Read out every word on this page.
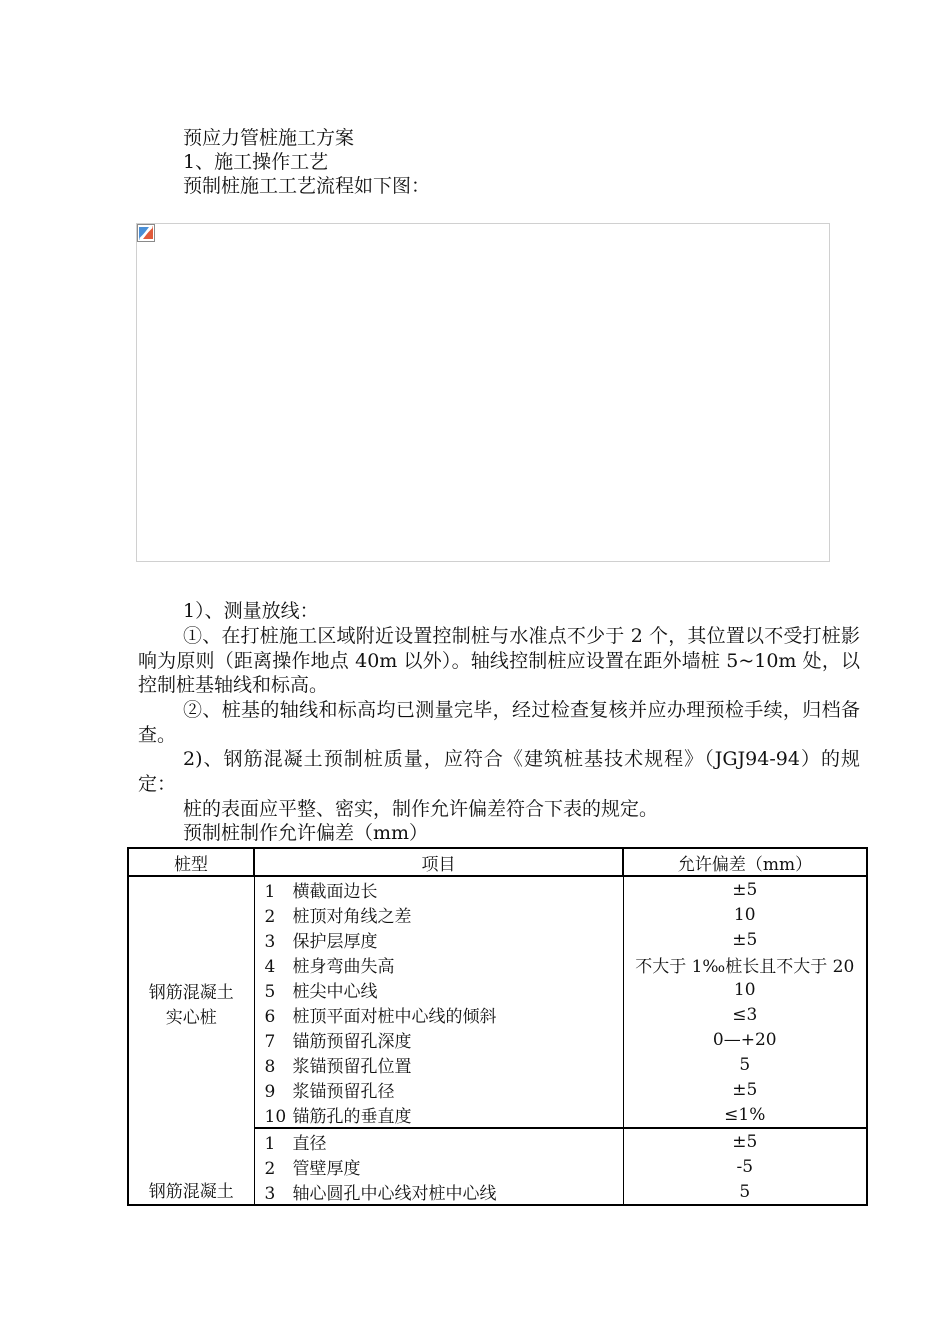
预应力管桩施工方案
1、施工操作工艺
预制桩施工工艺流程如下图：
1）、测量放线：
①、在打桩施工区域附近设置控制桩与水准点不少于 2 个，其位置以不受打桩影响为原则（距离操作地点 40m 以外）。轴线控制桩应设置在距外墙桩 5~10m 处，以控制桩基轴线和标高。
②、桩基的轴线和标高均已测量完毕，经过检查复核并应办理预检手续，归档备查。
2)、钢筋混凝土预制桩质量，应符合《建筑桩基技术规程》（JGJ94-94）的规定：
桩的表面应平整、密实，制作允许偏差符合下表的规定。
预制桩制作允许偏差（mm）
桩型	项目	允许偏差（mm）

钢筋混凝土
实心桩	1 横截面边长	±5
	2 桩顶对角线之差	10
	3 保护层厚度	±5
	4 桩身弯曲失高	不大于 1‰桩长且不大于 20
	5 桩尖中心线	10
	6 桩顶平面对桩中心线的倾斜	≤3
	7 锚筋预留孔深度	0—+20
	8 浆锚预留孔位置	5
	9 浆锚预留孔径	±5
	10 锚筋孔的垂直度	≤1%

钢筋混凝土	1 直径	±5
	2 管壁厚度	-5
	3 轴心圆孔中心线对桩中心线	5
